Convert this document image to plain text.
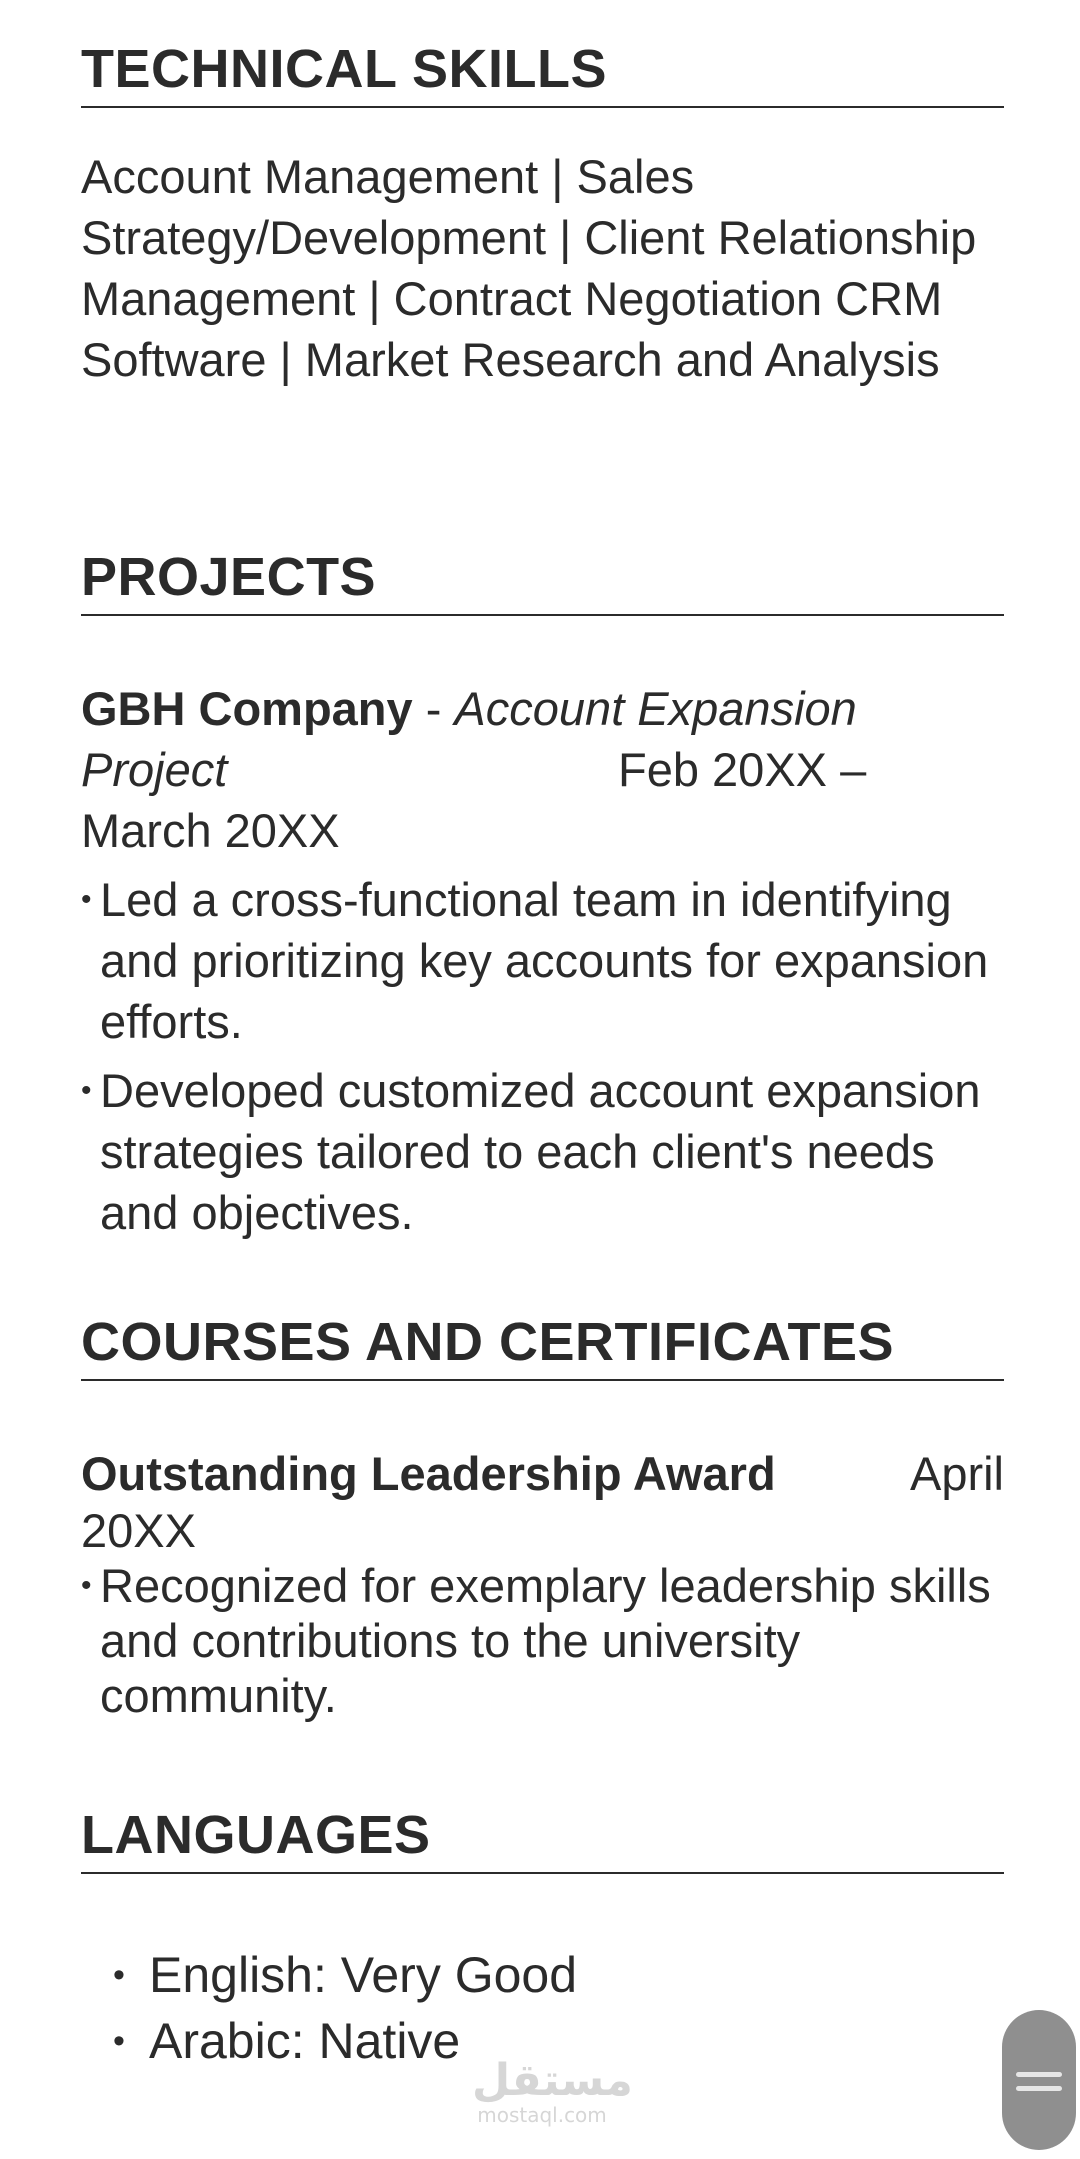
TECHNICAL SKILLS

Account Management | Sales Strategy/Development | Client Relationship Management | Contract Negotiation CRM Software | Market Research and Analysis

PROJECTS

GBH Company - Account Expansion

Project	Feb 20XX –

March 20XX

• Led a cross-functional team in identifying and prioritizing key accounts for expansion efforts.
• Developed customized account expansion strategies tailored to each client's needs and objectives.
COURSES AND CERTIFICATES

Outstanding Leadership Award	April

20XX

• Recognized for exemplary leadership skills and contributions to the university community.
LANGUAGES
• English: Very Good
• Arabic: Native
مستقل
mostaql.com
